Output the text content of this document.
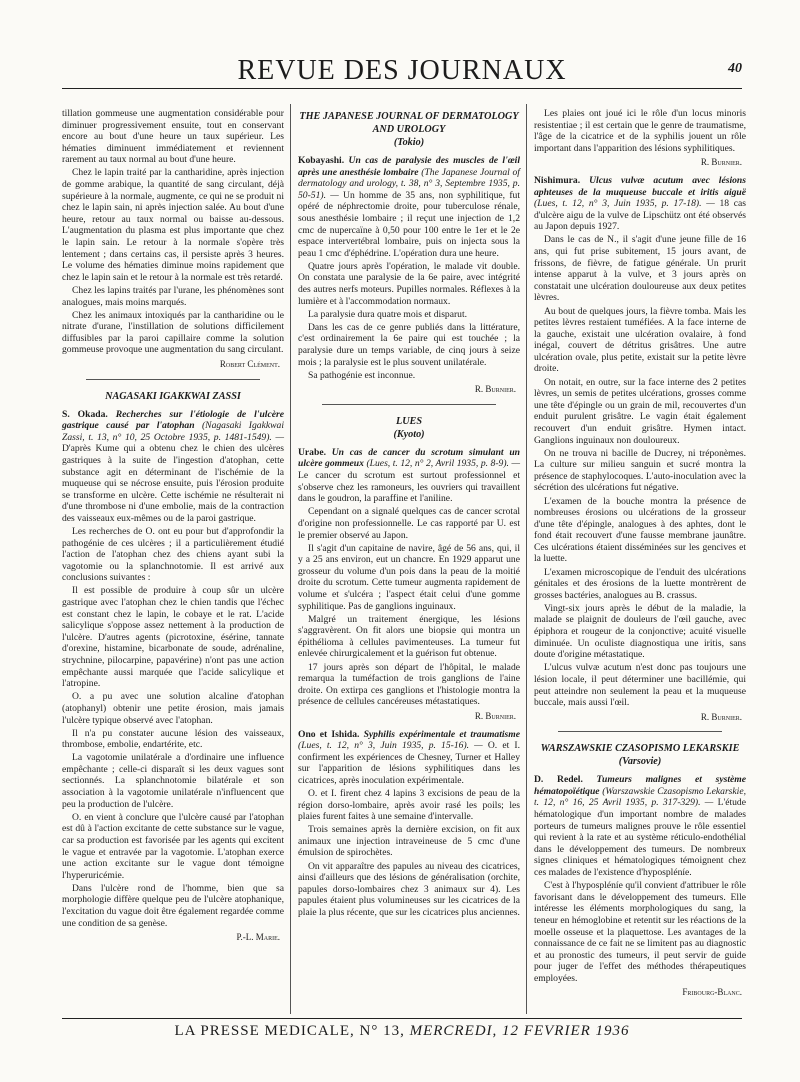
REVUE DES JOURNAUX	40

tillation gommeuse une augmentation considérable pour diminuer progressivement ensuite, tout en conservant encore au bout d'une heure un taux supérieur. Les hématies diminuent immédiatement et reviennent rarement au taux normal au bout d'une heure.

Chez le lapin traité par la cantharidine, après injection de gomme arabique, la quantité de sang circulant, déjà supérieure à la normale, augmente, ce qui ne se produit ni chez le lapin sain, ni après injection salée. Au bout d'une heure, retour au taux normal ou baisse au-dessous. L'augmentation du plasma est plus importante que chez le lapin sain. Le retour à la normale s'opère très lentement ; dans certains cas, il persiste après 3 heures. Le volume des hématies diminue moins rapidement que chez le lapin sain et le retour à la normale est très retardé.

Chez les lapins traités par l'urane, les phénomènes sont analogues, mais moins marqués.

Chez les animaux intoxiqués par la cantharidine ou le nitrate d'urane, l'instillation de solutions difficilement diffusibles par la paroi capillaire comme la solution gommeuse provoque une augmentation du sang circulant.

Robert Clément.
NAGASAKI IGAKKWAI ZASSI

S. Okada. Recherches sur l'étiologie de l'ulcère gastrique causé par l'atophan (Nagasaki Igakkwai Zassi, t. 13, n° 10, 25 Octobre 1935, p. 1481-1549). — D'après Kume qui a obtenu chez le chien des ulcères gastriques à la suite de l'ingestion d'atophan, cette substance agit en déterminant de l'ischémie de la muqueuse qui se nécrose ensuite, puis l'érosion produite se transforme en ulcère. Cette ischémie ne résulterait ni d'une thrombose ni d'une embolie, mais de la contraction des vaisseaux eux-mêmes ou de la paroi gastrique.

Les recherches de O. ont eu pour but d'approfondir la pathogénie de ces ulcères ; il a particulièrement étudié l'action de l'atophan chez des chiens ayant subi la vagotomie ou la splanchnotomie. Il est arrivé aux conclusions suivantes :

Il est possible de produire à coup sûr un ulcère gastrique avec l'atophan chez le chien tandis que l'échec est constant chez le lapin, le cobaye et le rat. L'acide salicylique s'oppose assez nettement à la production de l'ulcère. D'autres agents (picrotoxine, ésérine, tannate d'orexine, histamine, bicarbonate de soude, adrénaline, strychnine, pilocarpine, papavérine) n'ont pas une action empêchante aussi marquée que l'acide salicylique et l'atropine.

O. a pu avec une solution alcaline d'atophan (atophanyl) obtenir une petite érosion, mais jamais l'ulcère typique observé avec l'atophan.

Il n'a pu constater aucune lésion des vaisseaux, thrombose, embolie, endartérite, etc.

La vagotomie unilatérale a d'ordinaire une influence empêchante ; celle-ci disparaît si les deux vagues sont sectionnés. La splanchnotomie bilatérale et son association à la vagotomie unilatérale n'influencent que peu la production de l'ulcère.

O. en vient à conclure que l'ulcère causé par l'atophan est dû à l'action excitante de cette substance sur le vague, car sa production est favorisée par les agents qui excitent le vague et entravée par la vagotomie. L'atophan exerce une action excitante sur le vague dont témoigne l'hyperuricémie.

Dans l'ulcère rond de l'homme, bien que sa morphologie diffère quelque peu de l'ulcère atophanique, l'excitation du vague doit être également regardée comme une condition de sa genèse.

P.-L. Marie.
THE JAPANESE JOURNAL OF DERMATOLOGY AND UROLOGY
(Tokio)

Kobayashi. Un cas de paralysie des muscles de l'œil après une anesthésie lombaire (The Japanese Journal of dermatology and urology, t. 38, n° 3, Septembre 1935, p. 50-51). — Un homme de 35 ans, non syphilitique, fut opéré de néphrectomie droite, pour tuberculose rénale, sous anesthésie lombaire ; il reçut une injection de 1,2 cmc de nupercaïne à 0,50 pour 100 entre le 1er et le 2e espace intervertébral lombaire, puis on injecta sous la peau 1 cmc d'éphédrine. L'opération dura une heure.

Quatre jours après l'opération, le malade vit double. On constata une paralysie de la 6e paire, avec intégrité des autres nerfs moteurs. Pupilles normales. Réflexes à la lumière et à l'accommodation normaux.

La paralysie dura quatre mois et disparut.

Dans les cas de ce genre publiés dans la littérature, c'est ordinairement la 6e paire qui est touchée ; la paralysie dure un temps variable, de cinq jours à seize mois ; la paralysie est le plus souvent unilatérale.

Sa pathogénie est inconnue.

R. Burnier.
LUES
(Kyoto)

Urabe. Un cas de cancer du scrotum simulant un ulcère gommeux (Lues, t. 12, n° 2, Avril 1935, p. 8-9). — Le cancer du scrotum est surtout professionnel et s'observe chez les ramoneurs, les ouvriers qui travaillent dans le goudron, la paraffine et l'aniline.

Cependant on a signalé quelques cas de cancer scrotal d'origine non professionnelle. Le cas rapporté par U. est le premier observé au Japon.

Il s'agit d'un capitaine de navire, âgé de 56 ans, qui, il y a 25 ans environ, eut un chancre. En 1929 apparut une grosseur du volume d'un pois dans la peau de la moitié droite du scrotum. Cette tumeur augmenta rapidement de volume et s'ulcéra ; l'aspect était celui d'une gomme syphilitique. Pas de ganglions inguinaux.

Malgré un traitement énergique, les lésions s'aggravèrent. On fit alors une biopsie qui montra un épithélioma à cellules pavimenteuses. La tumeur fut enlevée chirurgicalement et la guérison fut obtenue.

17 jours après son départ de l'hôpital, le malade remarqua la tuméfaction de trois ganglions de l'aine droite. On extirpa ces ganglions et l'histologie montra la présence de cellules cancéreuses métastatiques.

R. Burnier.

Ono et Ishida. Syphilis expérimentale et traumatisme (Lues, t. 12, n° 3, Juin 1935, p. 15-16). — O. et I. confirment les expériences de Chesney, Turner et Halley sur l'apparition de lésions syphilitiques dans les cicatrices, après inoculation expérimentale.

O. et I. firent chez 4 lapins 3 excisions de peau de la région dorso-lombaire, après avoir rasé les poils; les plaies furent faites à une semaine d'intervalle.

Trois semaines après la dernière excision, on fit aux animaux une injection intraveineuse de 5 cmc d'une émulsion de spirochètes.

On vit apparaître des papules au niveau des cicatrices, ainsi d'ailleurs que des lésions de généralisation (orchite, papules dorso-lombaires chez 3 animaux sur 4). Les papules étaient plus volumineuses sur les cicatrices de la plaie la plus récente, que sur les cicatrices plus anciennes.

Les plaies ont joué ici le rôle d'un locus minoris resistentiae ; il est certain que le genre de traumatisme, l'âge de la cicatrice et de la syphilis jouent un rôle important dans l'apparition des lésions syphilitiques.

R. Burnier.

Nishimura. Ulcus vulvæ acutum avec lésions aphteuses de la muqueuse buccale et iritis aiguë (Lues, t. 12, n° 3, Juin 1935, p. 17-18). — 18 cas d'ulcère aigu de la vulve de Lipschütz ont été observés au Japon depuis 1927.

Dans le cas de N., il s'agit d'une jeune fille de 16 ans, qui fut prise subitement, 15 jours avant, de frissons, de fièvre, de fatigue générale. Un prurit intense apparut à la vulve, et 3 jours après on constatait une ulcération douloureuse aux deux petites lèvres.

Au bout de quelques jours, la fièvre tomba. Mais les petites lèvres restaient tuméfiées. A la face interne de la gauche, existait une ulcération ovalaire, à fond inégal, couvert de détritus grisâtres. Une autre ulcération ovale, plus petite, existait sur la petite lèvre droite.

On notait, en outre, sur la face interne des 2 petites lèvres, un semis de petites ulcérations, grosses comme une tête d'épingle ou un grain de mil, recouvertes d'un enduit purulent grisâtre. Le vagin était également recouvert d'un enduit grisâtre. Hymen intact. Ganglions inguinaux non douloureux.

On ne trouva ni bacille de Ducrey, ni tréponèmes. La culture sur milieu sanguin et sucré montra la présence de staphylocoques. L'auto-inoculation avec la sécrétion des ulcérations fut négative.

L'examen de la bouche montra la présence de nombreuses érosions ou ulcérations de la grosseur d'une tête d'épingle, analogues à des aphtes, dont le fond était recouvert d'une fausse membrane jaunâtre. Ces ulcérations étaient disséminées sur les gencives et la luette.

L'examen microscopique de l'enduit des ulcérations génitales et des érosions de la luette montrèrent de grosses bactéries, analogues au B. crassus.

Vingt-six jours après le début de la maladie, la malade se plaignit de douleurs de l'œil gauche, avec épiphora et rougeur de la conjonctive; acuité visuelle diminuée. Un oculiste diagnostiqua une iritis, sans doute d'origine métastatique.

L'ulcus vulvæ acutum n'est donc pas toujours une lésion locale, il peut déterminer une bacillémie, qui peut atteindre non seulement la peau et la muqueuse buccale, mais aussi l'œil.

R. Burnier.
WARSZAWSKIE CZASOPISMO LEKARSKIE
(Varsovie)

D. Redel. Tumeurs malignes et système hématopoïétique (Warszawskie Czasopismo Lekarskie, t. 12, n° 16, 25 Avril 1935, p. 317-329). — L'étude hématologique d'un important nombre de malades porteurs de tumeurs malignes prouve le rôle essentiel qui revient à la rate et au système réticulo-endothélial dans le développement des tumeurs. De nombreux signes cliniques et hématologiques témoignent chez ces malades de l'existence d'hypospléníe.

C'est à l'hypospléníe qu'il convient d'attribuer le rôle favorisant dans le développement des tumeurs. Elle intéresse les éléments morphologiques du sang, la teneur en hémoglobine et retentit sur les réactions de la moelle osseuse et la plaquettose. Les avantages de la connaissance de ce fait ne se limitent pas au diagnostic et au pronostic des tumeurs, il peut servir de guide pour juger de l'effet des méthodes thérapeutiques employées.

Fribourg-Blanc.
LA PRESSE MEDICALE, N° 13, MERCREDI, 12 FEVRIER 1936
